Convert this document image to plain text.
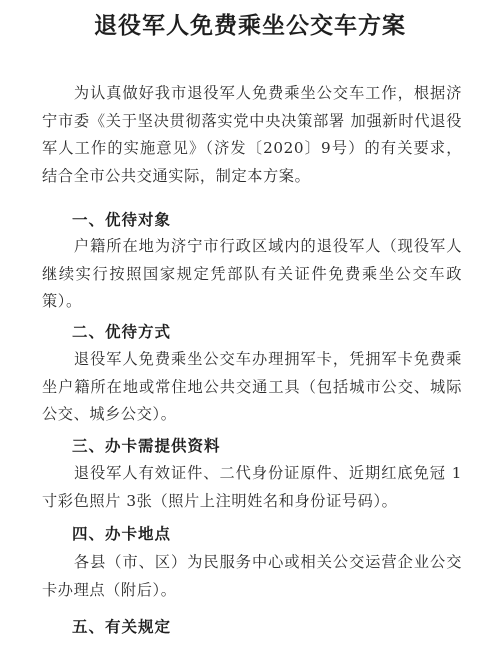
退役军人免费乘坐公交车方案

为认真做好我市退役军人免费乘坐公交车工作，根据济宁市委《关于坚决贯彻落实党中央决策部署 加强新时代退役军人工作的实施意见》（济发〔2020〕9号）的有关要求，结合全市公共交通实际，制定本方案。

一、优待对象

户籍所在地为济宁市行政区域内的退役军人（现役军人继续实行按照国家规定凭部队有关证件免费乘坐公交车政策）。

二、优待方式

退役军人免费乘坐公交车办理拥军卡，凭拥军卡免费乘坐户籍所在地或常住地公共交通工具（包括城市公交、城际公交、城乡公交）。

三、办卡需提供资料

退役军人有效证件、二代身份证原件、近期红底免冠 1寸彩色照片 3张（照片上注明姓名和身份证号码）。

四、办卡地点

各县（市、区）为民服务中心或相关公交运营企业公交卡办理点（附后）。

五、有关规定
